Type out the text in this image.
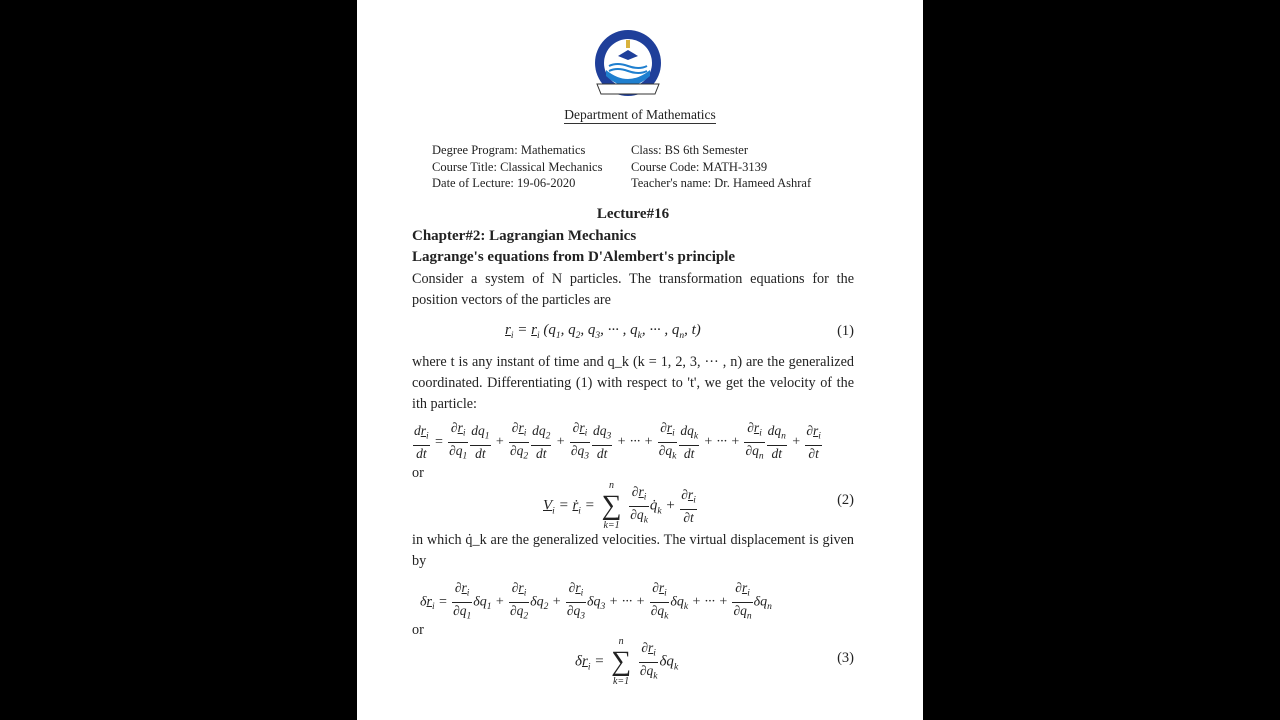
Department of Mathematics
Degree Program: Mathematics
Course Title: Classical Mechanics
Date of Lecture: 19-06-2020
Class: BS 6th Semester
Course Code: MATH-3139
Teacher's name: Dr. Hameed Ashraf
Lecture#16
Chapter#2: Lagrangian Mechanics
Lagrange's equations from D'Alembert's principle
Consider a system of N particles. The transformation equations for the position vectors of the particles are
$r_i = r_i$ ($q_1$, $q_2$, $q_3$, ··· , $q_k$, ··· , $q_n$, t)	(1)
where t is any instant of time and q_k (k = 1, 2, 3, ··· , n) are the generalized coordinated. Differentiating (1) with respect to 't', we get the velocity of the ith particle:
$dr_i$
dt
= $\frac{\partial r_i}{\partial q_1} \frac{dq_1}{dt} + \frac{\partial r_i}{\partial q_2} \frac{dq_2}{dt} + \frac{\partial r_i}{\partial q_3} \frac{dq_3}{dt}$ + ··· + $\frac{\partial r_i}{\partial q_k} dq_k$
dt
+ ··· + $\frac{\partial r_i}{\partial q_n} dq_n$
dt
+ $\frac{\partial r_i}{\partial t}$
or
$V_i$ = ṙ$_i$ =
n
∑
k=1
$\frac{\partial r_i}{\partial q_k}$ $q̇_k + \frac{\partial r_i}{\partial t}$	(2)
in which q̇_k are the generalized velocities. The virtual displacement is given by
$\delta r_i = \frac{\partial r_i}{\partial q_1} \delta q_1 + \frac{\partial r_i}{\partial q_2} \delta q_2 + \frac{\partial r_i}{\partial q_3} \delta q_3$ + ··· + $\frac{\partial r_i}{\partial q_k} \delta q_k$ + ··· + $\frac{\partial r_i}{\partial q_n} \delta q_n$
or
$\delta r_i$ =
n
∑
k=1
$\frac{\partial r_i}{\partial q_k} \delta q_k$
(3)
